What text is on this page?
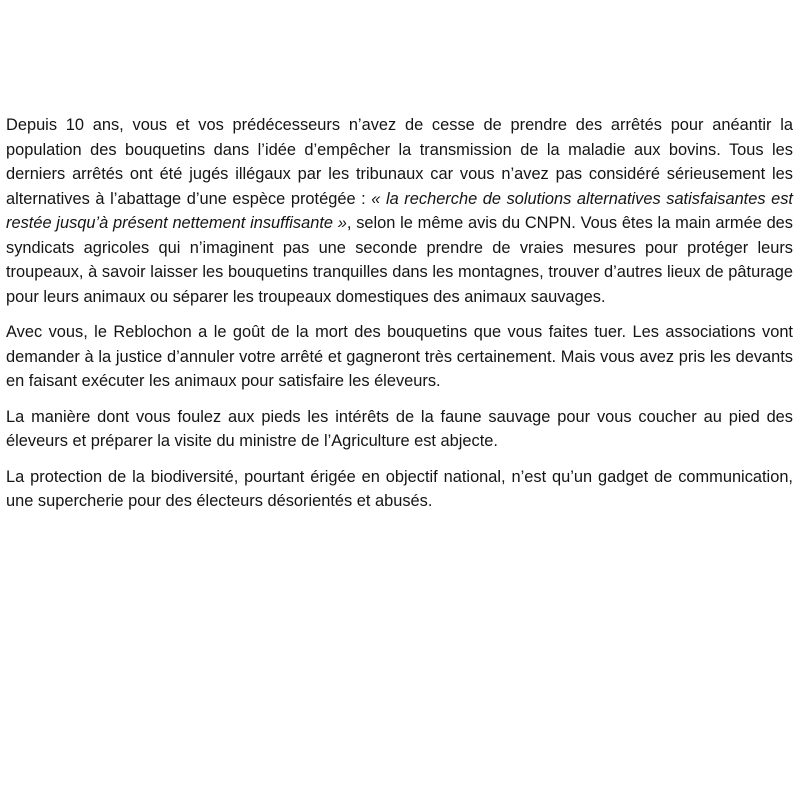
Depuis 10 ans, vous et vos prédécesseurs n’avez de cesse de prendre des arrêtés pour anéantir la population des bouquetins dans l’idée d’empêcher la transmission de la maladie aux bovins. Tous les derniers arrêtés ont été jugés illégaux par les tribunaux car vous n’avez pas considéré sérieusement les alternatives à l’abattage d’une espèce protégée : « la recherche de solutions alternatives satisfaisantes est restée jusqu’à présent nettement insuffisante », selon le même avis du CNPN. Vous êtes la main armée des syndicats agricoles qui n’imaginent pas une seconde prendre de vraies mesures pour protéger leurs troupeaux, à savoir laisser les bouquetins tranquilles dans les montagnes, trouver d’autres lieux de pâturage pour leurs animaux ou séparer les troupeaux domestiques des animaux sauvages.

Avec vous, le Reblochon a le goût de la mort des bouquetins que vous faites tuer. Les associations vont demander à la justice d’annuler votre arrêté et gagneront très certainement. Mais vous avez pris les devants en faisant exécuter les animaux pour satisfaire les éleveurs.

La manière dont vous foulez aux pieds les intérêts de la faune sauvage pour vous coucher au pied des éleveurs et préparer la visite du ministre de l’Agriculture est abjecte.

La protection de la biodiversité, pourtant érigée en objectif national, n’est qu’un gadget de communication, une supercherie pour des électeurs désorientés et abusés.
